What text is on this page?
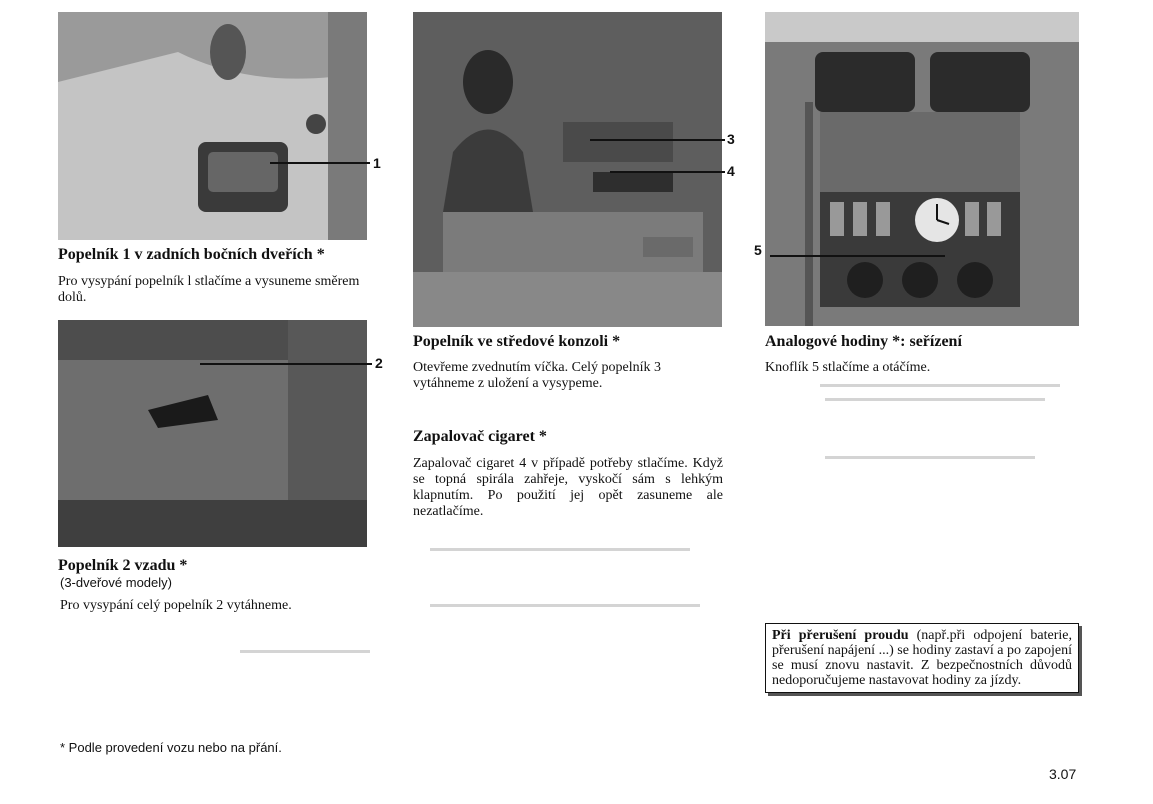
1
Popelník 1 v zadních bočních dveřích *
Pro vysypání popelník l stlačíme a vysuneme směrem dolů.
2
Popelník 2 vzadu *
(3-dveřové modely)
Pro vysypání celý popelník 2 vytáhneme.
3
4
Popelník ve středové konzoli *
Otevřeme zvednutím víčka. Celý popelník 3 vytáhneme z uložení a vysypeme.
Zapalovač cigaret *
Zapalovač cigaret 4 v případě potřeby stlačíme. Když se topná spirála zahřeje, vyskočí sám s lehkým klapnutím. Po použití jej opět zasuneme ale nezatlačíme.
5
Analogové hodiny *: seřízení
Knoflík 5 stlačíme a otáčíme.
Při přerušení proudu (např.při odpojení baterie, přerušení napájení ...) se hodiny zastaví a po zapojení se musí znovu nastavit. Z bezpečnostních důvodů nedoporučujeme nastavovat hodiny za jízdy.
* Podle provedení vozu nebo na přání.
3.07
